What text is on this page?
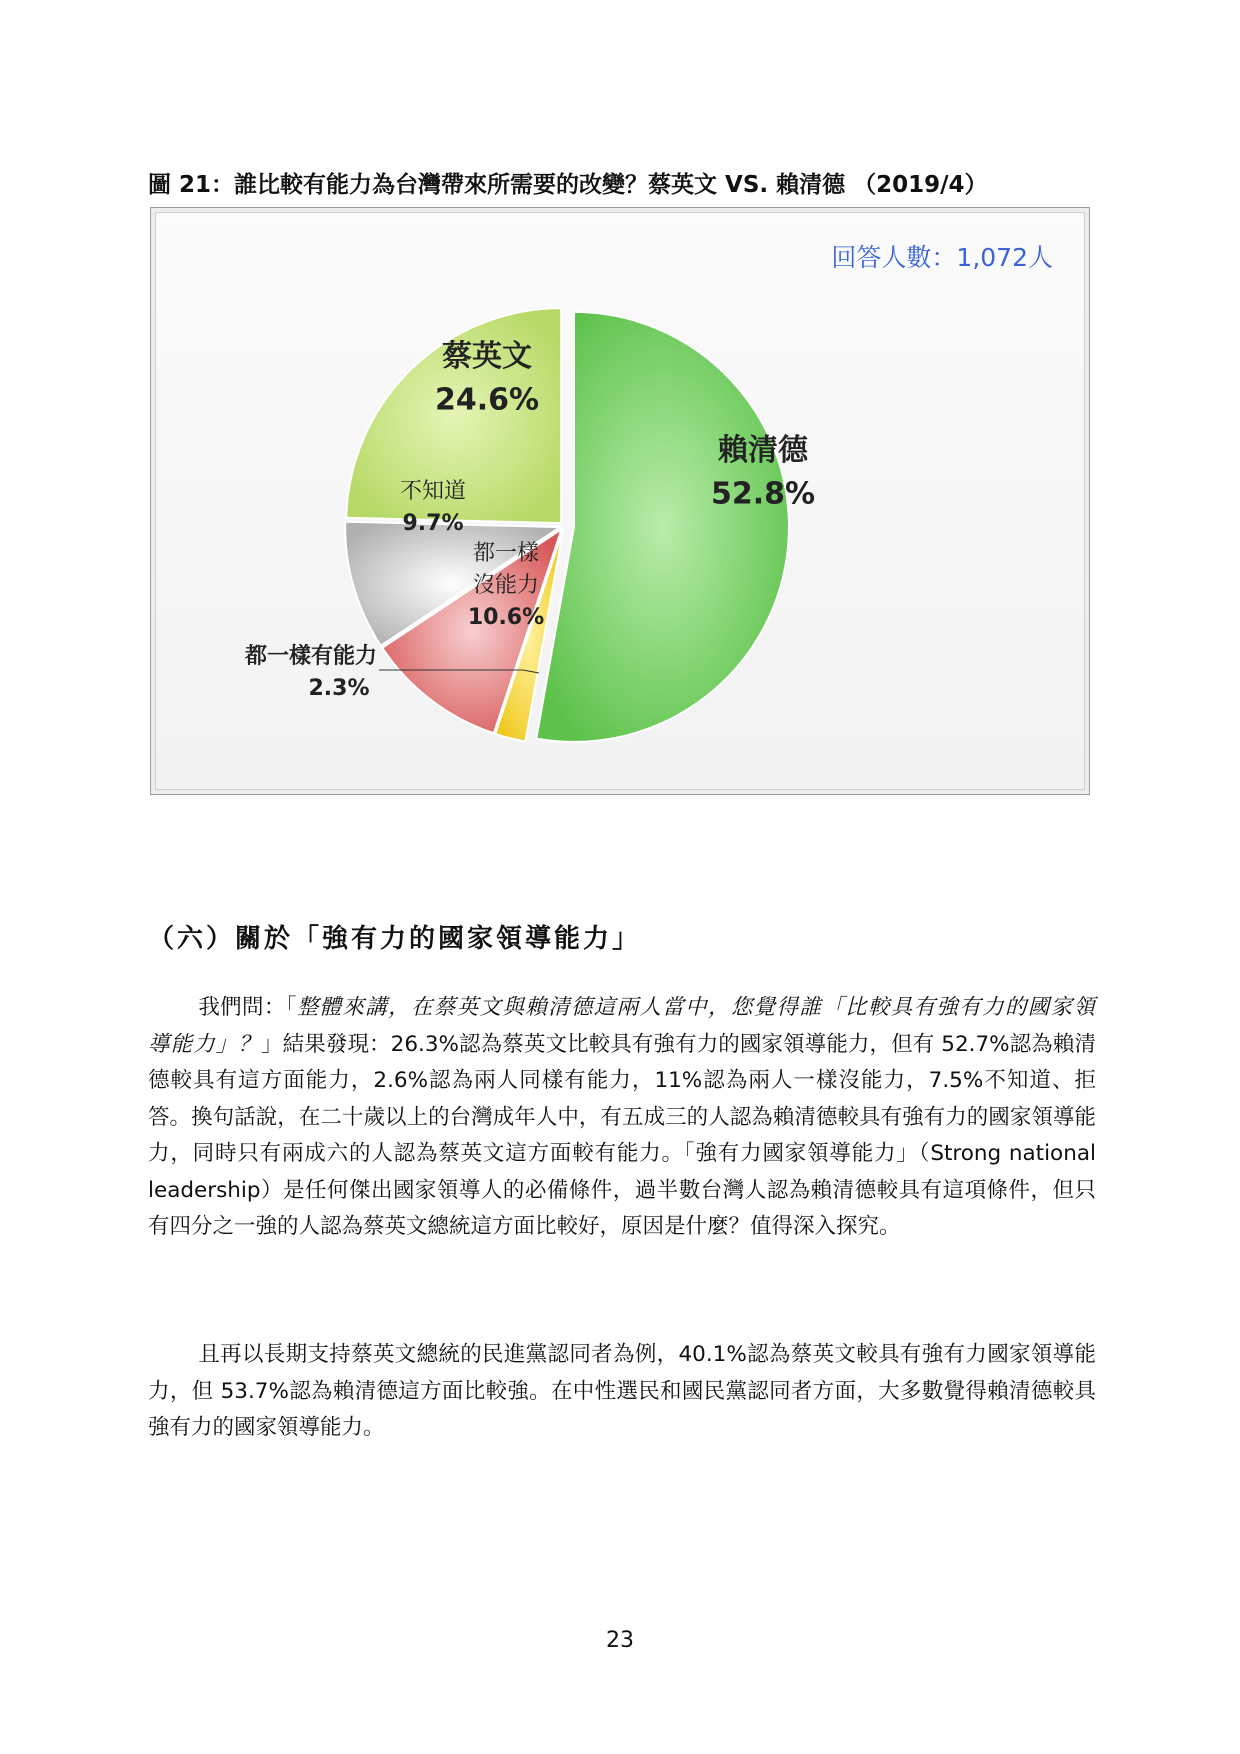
圖 21：誰比較有能力為台灣帶來所需要的改變？蔡英文 VS. 賴清德 （2019/4）
賴清德
52.8%
都一樣有能力
2.3%
都一樣
沒能力
10.6%
不知道
9.7%
蔡英文
24.6%
回答人數：1,072人
（六）關於「強有力的國家領導能力」

我們問：「整體來講，在蔡英文與賴清德這兩人當中，您覺得誰「比較具有強有力的國家領導能力」？」結果發現：26.3%認為蔡英文比較具有強有力的國家領導能力，但有 52.7%認為賴清德較具有這方面能力，2.6%認為兩人同樣有能力，11%認為兩人一樣沒能力，7.5%不知道、拒答。換句話說，在二十歲以上的台灣成年人中，有五成三的人認為賴清德較具有強有力的國家領導能力，同時只有兩成六的人認為蔡英文這方面較有能力。「強有力國家領導能力」（Strong national leadership）是任何傑出國家領導人的必備條件，過半數台灣人認為賴清德較具有這項條件，但只有四分之一強的人認為蔡英文總統這方面比較好，原因是什麼？值得深入探究。

且再以長期支持蔡英文總統的民進黨認同者為例，40.1%認為蔡英文較具有強有力國家領導能力，但 53.7%認為賴清德這方面比較強。在中性選民和國民黨認同者方面，大多數覺得賴清德較具強有力的國家領導能力。

23
